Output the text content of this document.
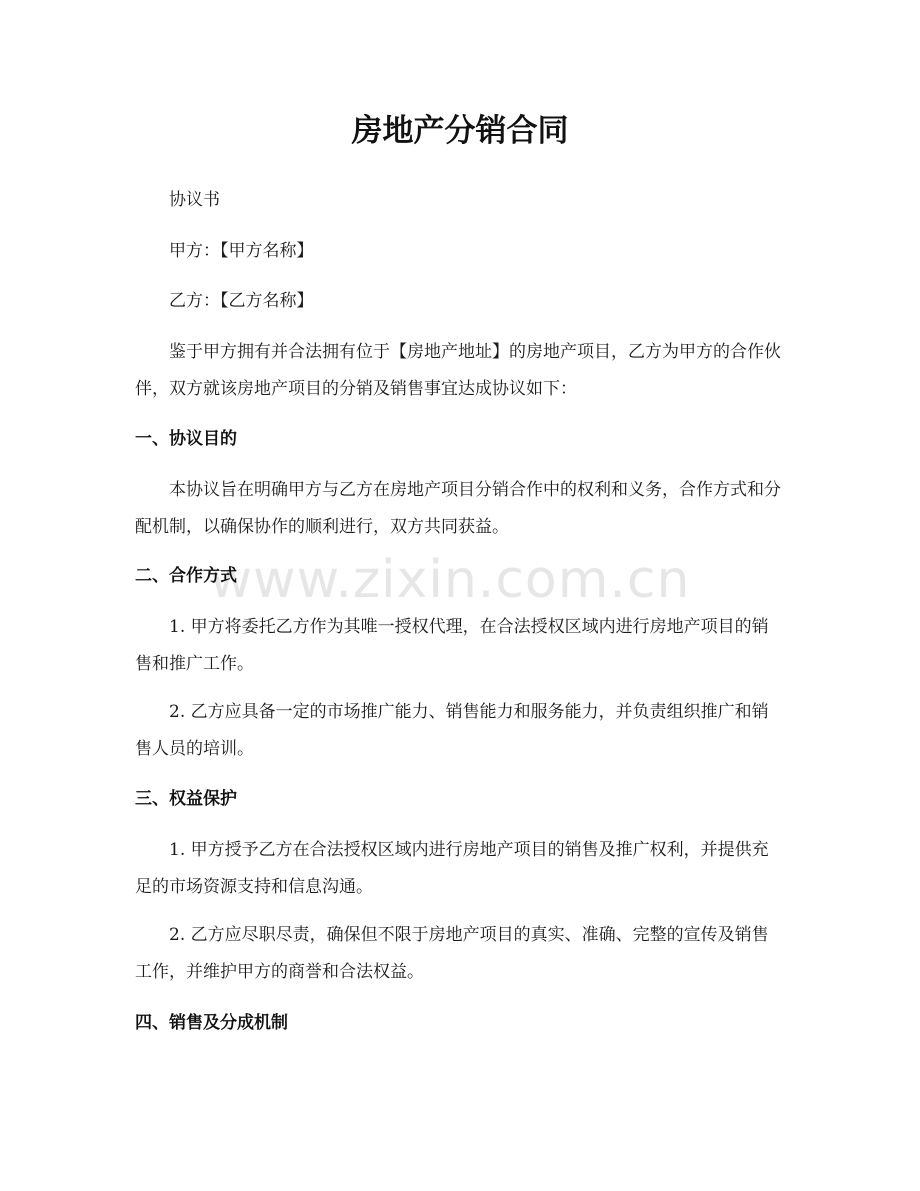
房地产分销合同

协议书

甲方：【甲方名称】

乙方：【乙方名称】

鉴于甲方拥有并合法拥有位于【房地产地址】的房地产项目，乙方为甲方的合作伙伴，双方就该房地产项目的分销及销售事宜达成协议如下：

一、协议目的

本协议旨在明确甲方与乙方在房地产项目分销合作中的权利和义务，合作方式和分配机制，以确保协作的顺利进行，双方共同获益。

www.zixin.com.cn
二、合作方式

1. 甲方将委托乙方作为其唯一授权代理，在合法授权区域内进行房地产项目的销售和推广工作。

2. 乙方应具备一定的市场推广能力、销售能力和服务能力，并负责组织推广和销售人员的培训。

三、权益保护

1. 甲方授予乙方在合法授权区域内进行房地产项目的销售及推广权利，并提供充足的市场资源支持和信息沟通。

2. 乙方应尽职尽责，确保但不限于房地产项目的真实、准确、完整的宣传及销售工作，并维护甲方的商誉和合法权益。

四、销售及分成机制
